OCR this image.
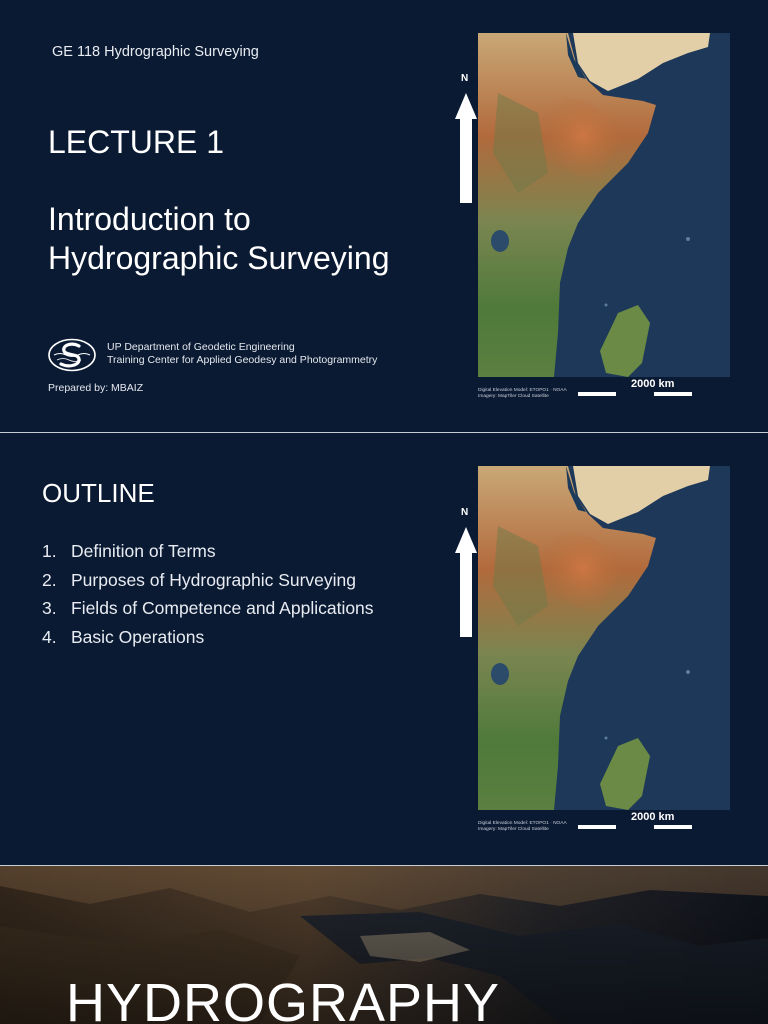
GE 118 Hydrographic Surveying
LECTURE 1
Introduction to
Hydrographic Surveying
UP Department of Geodetic Engineering
Training Center for Applied Geodesy and Photogrammetry
Prepared by: MBAIZ
N
Digital Elevation Model: ETOPO1 · NOAA
Imagery: MapTiler Cloud Satellite
2000 km
N
Digital Elevation Model: ETOPO1 · NOAA
Imagery: MapTiler Cloud Satellite
2000 km
OUTLINE
1. Definition of Terms
2. Purposes of Hydrographic Surveying
3. Fields of Competence and Applications
4. Basic Operations
HYDROGRAPHY
